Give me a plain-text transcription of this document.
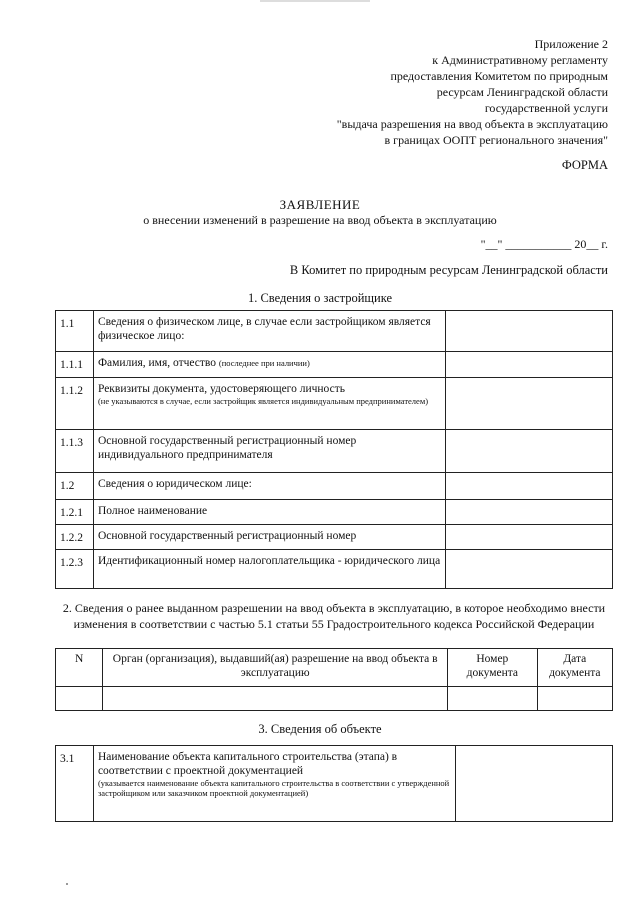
Приложение 2
к Административному регламенту
предоставления Комитетом по природным
ресурсам Ленинградской области
государственной услуги
"выдача разрешения на ввод объекта в эксплуатацию
в границах ООПТ регионального значения"
ФОРМА
ЗАЯВЛЕНИЕ
о внесении изменений в разрешение на ввод объекта в эксплуатацию
"__" ___________ 20__ г.
В Комитет по природным ресурсам Ленинградской области
1. Сведения о застройщике
1.1	Сведения о физическом лице, в случае если застройщиком является физическое лицо:	
1.1.1	Фамилия, имя, отчество (последнее при наличии)	
1.1.2	Реквизиты документа, удостоверяющего личность
(не указываются в случае, если застройщик является индивидуальным предпринимателем)	

1.1.3	Основной государственный регистрационный номер индивидуального предпринимателя	
1.2	Сведения о юридическом лице:	
1.2.1	Полное наименование	
1.2.2	Основной государственный регистрационный номер	
1.2.3	Идентификационный номер налогоплательщика - юридического лица	
2. Сведения о ранее выданном разрешении на ввод объекта в эксплуатацию, в которое необходимо внести изменения в соответствии с частью 5.1 статьи 55 Градостроительного кодекса Российской Федерации
N	Орган (организация), выдавший(ая) разрешение на ввод объекта в эксплуатацию	Номер документа	Дата документа

3. Сведения об объекте
3.1	Наименование объекта капитального строительства (этапа) в соответствии с проектной документацией
(указывается наименование объекта капитального строительства в соответствии с утвержденной застройщиком или заказчиком проектной документацией)
